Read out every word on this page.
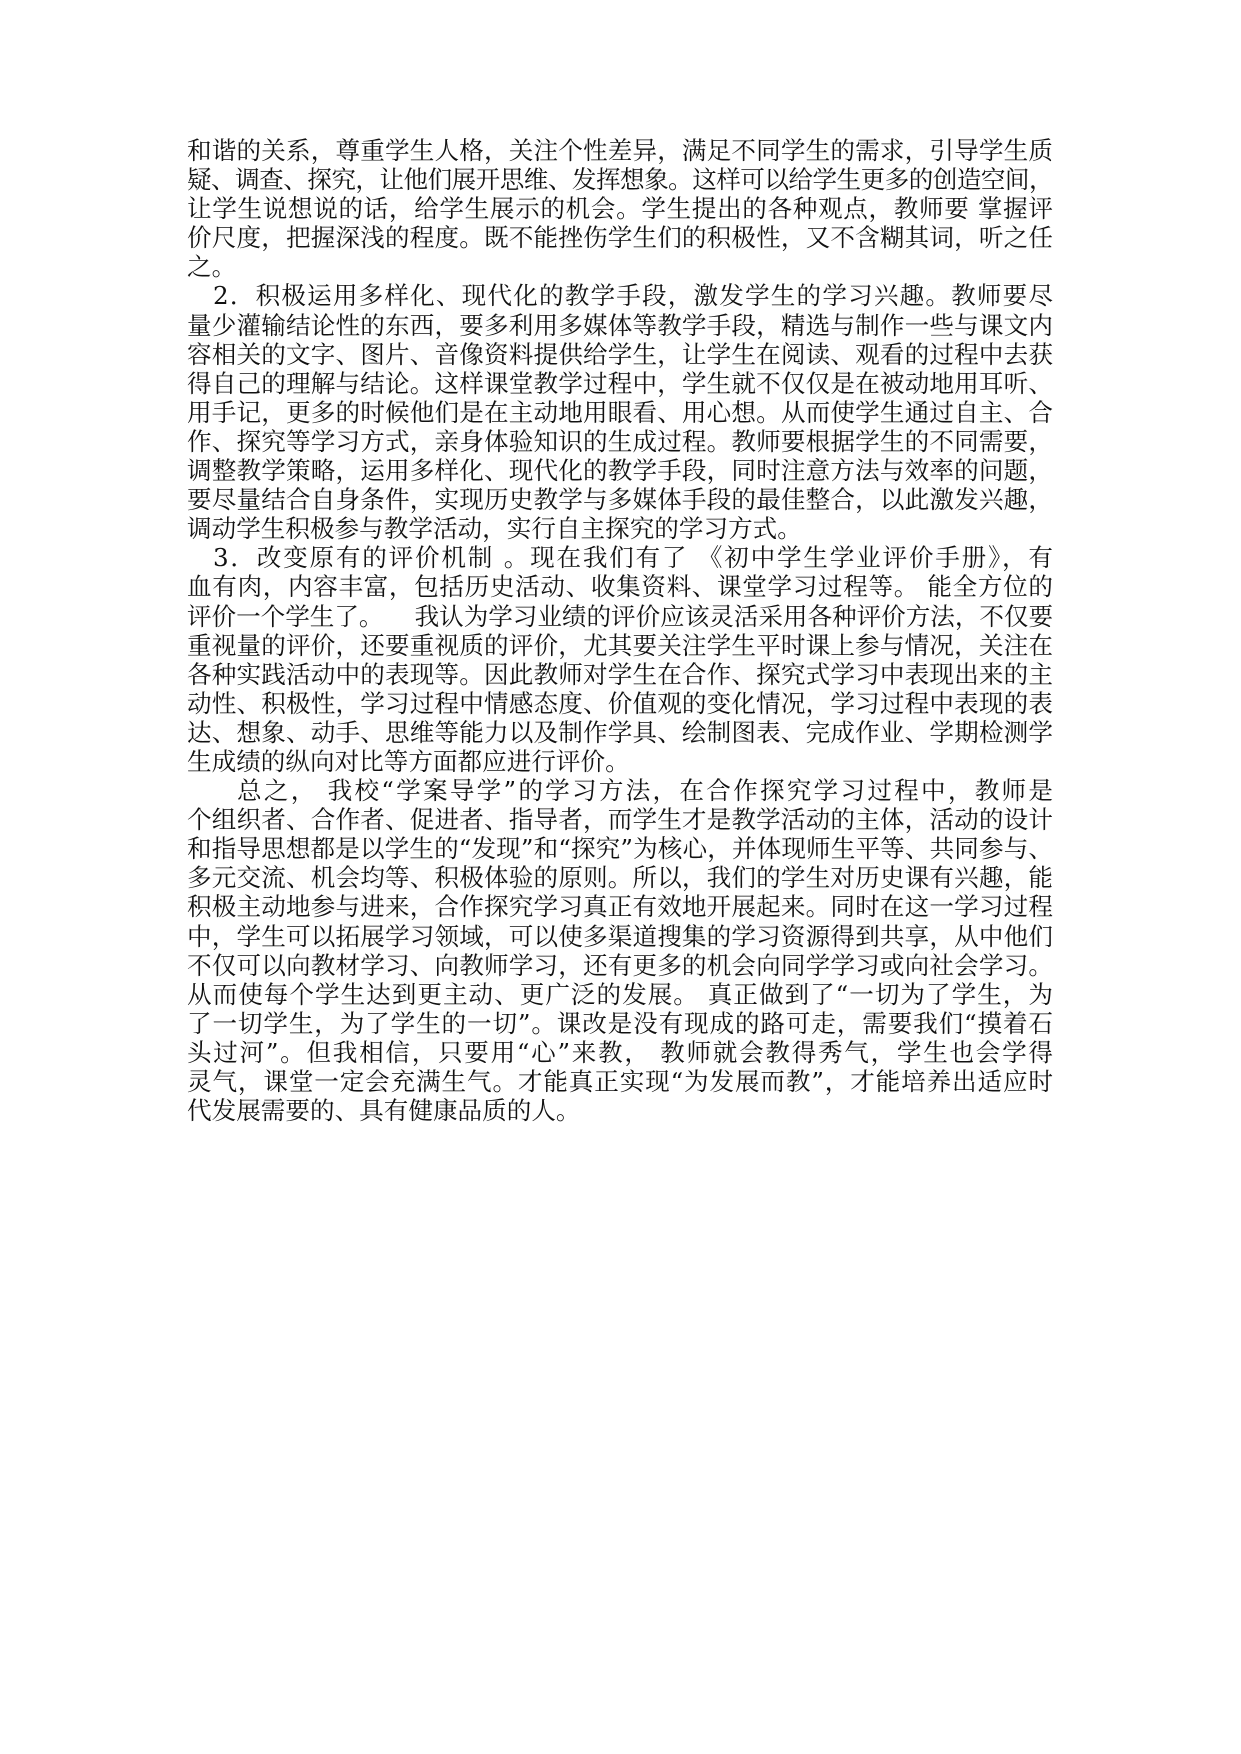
和谐的关系，尊重学生人格，关注个性差异，满足不同学生的需求，引导学生质
疑、调查、探究，让他们展开思维、发挥想象。这样可以给学生更多的创造空间，
让学生说想说的话，给学生展示的机会。学生提出的各种观点，教师要 掌握评
价尺度，把握深浅的程度。既不能挫伤学生们的积极性，又不含糊其词，听之任
之。
2．积极运用多样化、现代化的教学手段，激发学生的学习兴趣。教师要尽
量少灌输结论性的东西，要多利用多媒体等教学手段，精选与制作一些与课文内
容相关的文字、图片、音像资料提供给学生，让学生在阅读、观看的过程中去获
得自己的理解与结论。这样课堂教学过程中，学生就不仅仅是在被动地用耳听、
用手记，更多的时候他们是在主动地用眼看、用心想。从而使学生通过自主、合
作、探究等学习方式，亲身体验知识的生成过程。教师要根据学生的不同需要，
调整教学策略，运用多样化、现代化的教学手段，同时注意方法与效率的问题，
要尽量结合自身条件，实现历史教学与多媒体手段的最佳整合，以此激发兴趣，
调动学生积极参与教学活动，实行自主探究的学习方式。
3．改变原有的评价机制 。现在我们有了 《初中学生学业评价手册》，有
血有肉，内容丰富，包括历史活动、收集资料、课堂学习过程等。 能全方位的
评价一个学生了。    我认为学习业绩的评价应该灵活采用各种评价方法，不仅要
重视量的评价，还要重视质的评价，尤其要关注学生平时课上参与情况，关注在
各种实践活动中的表现等。因此教师对学生在合作、探究式学习中表现出来的主
动性、积极性，学习过程中情感态度、价值观的变化情况，学习过程中表现的表
达、想象、动手、思维等能力以及制作学具、绘制图表、完成作业、学期检测学
生成绩的纵向对比等方面都应进行评价。
总之， 我校“学案导学”的学习方法，在合作探究学习过程中，教师是
个组织者、合作者、促进者、指导者，而学生才是教学活动的主体，活动的设计
和指导思想都是以学生的“发现”和“探究”为核心，并体现师生平等、共同参与、
多元交流、机会均等、积极体验的原则。所以，我们的学生对历史课有兴趣，能
积极主动地参与进来，合作探究学习真正有效地开展起来。同时在这一学习过程
中，学生可以拓展学习领域，可以使多渠道搜集的学习资源得到共享，从中他们
不仅可以向教材学习、向教师学习，还有更多的机会向同学学习或向社会学习。
从而使每个学生达到更主动、更广泛的发展。 真正做到了“一切为了学生，为
了一切学生，为了学生的一切”。课改是没有现成的路可走，需要我们“摸着石
头过河”。但我相信，只要用“心”来教， 教师就会教得秀气，学生也会学得
灵气，课堂一定会充满生气。才能真正实现“为发展而教”，才能培养出适应时
代发展需要的、具有健康品质的人。
